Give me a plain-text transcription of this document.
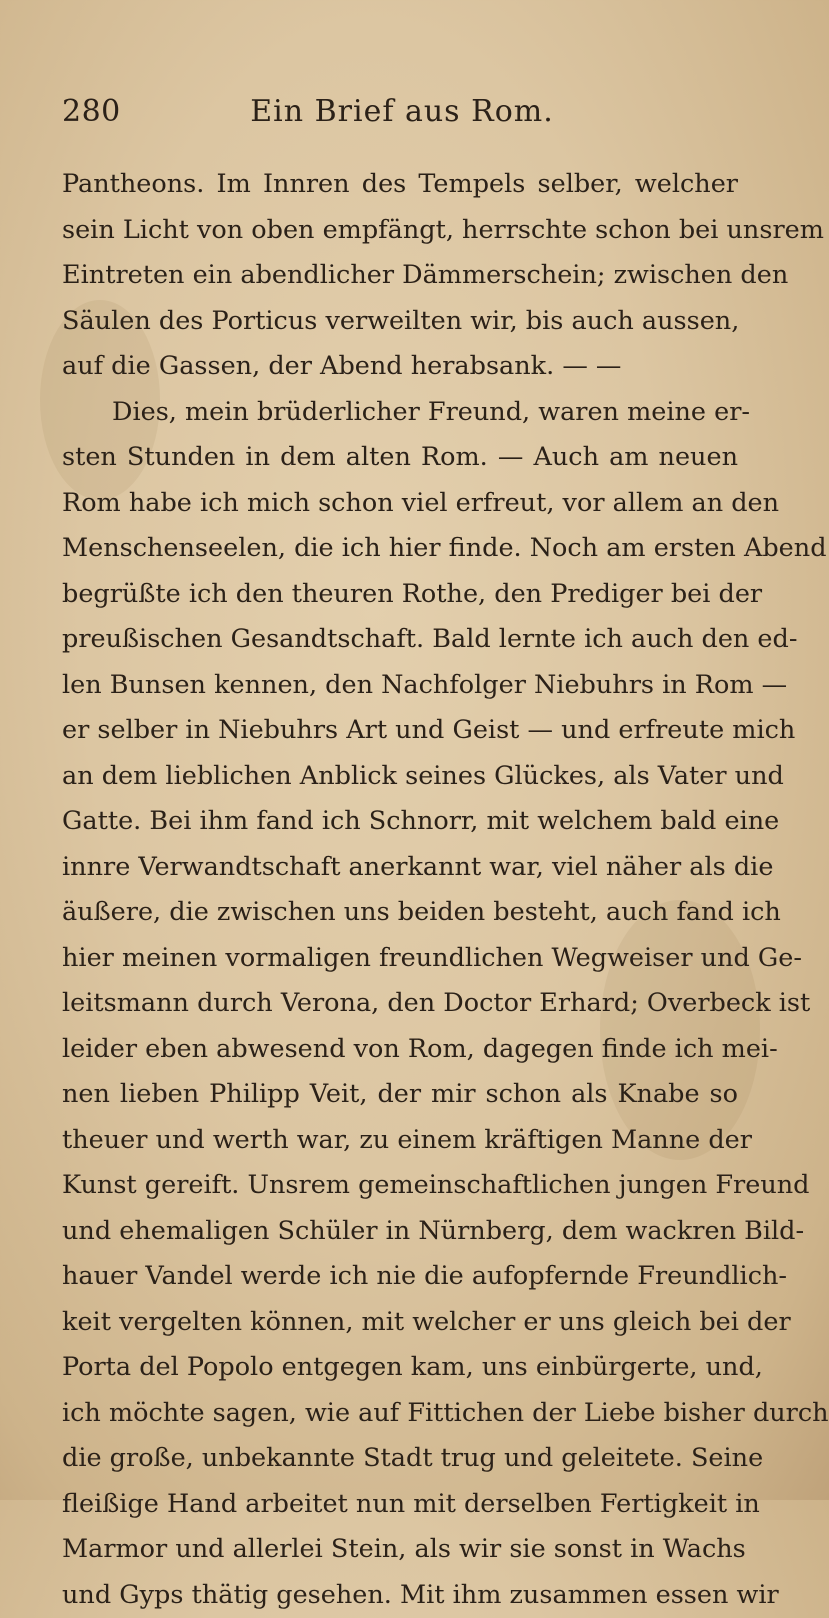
280	Ein Brief aus Rom.
Pantheons. Im Innren des Tempels selber, welcher
sein Licht von oben empfängt, herrschte schon bei unsrem
Eintreten ein abendlicher Dämmerschein; zwischen den
Säulen des Porticus verweilten wir, bis auch aussen,
auf die Gassen, der Abend herabsank. — —
Dies, mein brüderlicher Freund, waren meine er-
sten Stunden in dem alten Rom. — Auch am neuen
Rom habe ich mich schon viel erfreut, vor allem an den
Menschenseelen, die ich hier finde. Noch am ersten Abend
begrüßte ich den theuren Rothe, den Prediger bei der
preußischen Gesandtschaft. Bald lernte ich auch den ed-
len Bunsen kennen, den Nachfolger Niebuhrs in Rom —
er selber in Niebuhrs Art und Geist — und erfreute mich
an dem lieblichen Anblick seines Glückes, als Vater und
Gatte. Bei ihm fand ich Schnorr, mit welchem bald eine
innre Verwandtschaft anerkannt war, viel näher als die
äußere, die zwischen uns beiden besteht, auch fand ich
hier meinen vormaligen freundlichen Wegweiser und Ge-
leitsmann durch Verona, den Doctor Erhard; Overbeck ist
leider eben abwesend von Rom, dagegen finde ich mei-
nen lieben Philipp Veit, der mir schon als Knabe so
theuer und werth war, zu einem kräftigen Manne der
Kunst gereift. Unsrem gemeinschaftlichen jungen Freund
und ehemaligen Schüler in Nürnberg, dem wackren Bild-
hauer Vandel werde ich nie die aufopfernde Freundlich-
keit vergelten können, mit welcher er uns gleich bei der
Porta del Popolo entgegen kam, uns einbürgerte, und,
ich möchte sagen, wie auf Fittichen der Liebe bisher durch
die große, unbekannte Stadt trug und geleitete. Seine
fleißige Hand arbeitet nun mit derselben Fertigkeit in
Marmor und allerlei Stein, als wir sie sonst in Wachs
und Gyps thätig gesehen. Mit ihm zusammen essen wir
